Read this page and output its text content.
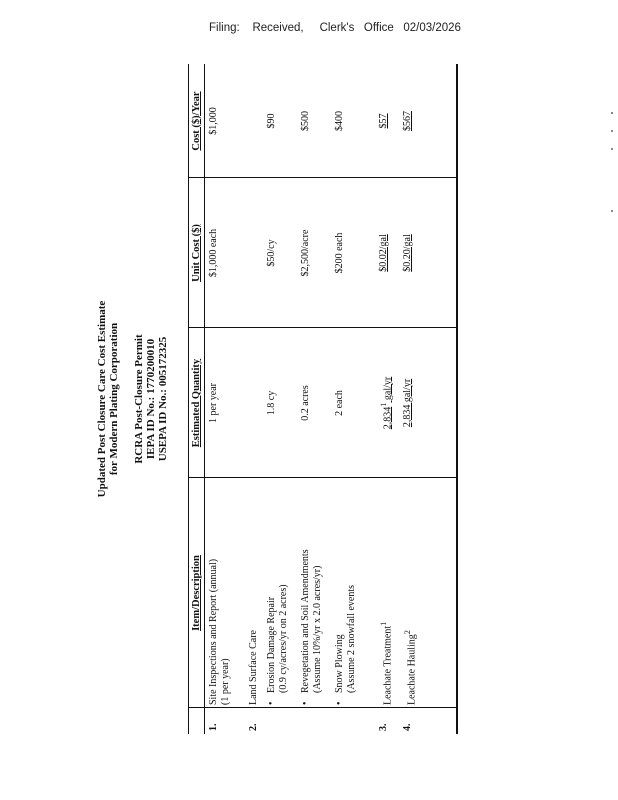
Filing:    Received,     Clerk's   Office   02/03/2026
Updated Post Closure Care Cost Estimate for Modern Plating Corporation RCRA Post-Closure Permit IEPA ID No.: 1770200010 USEPA ID No.: 005172325
	Item/Description	Estimated Quantity	Unit Cost ($)	Cost ($)/Year
1.	Site Inspections and Report (annual)
(1 per year)	1 per year	$1,000 each	$1,000
2.	Land Surface Care			
	•Erosion Damage Repair
(0.9 cy/acres/yr on 2 acres)	1.8 cy	$50/cy	$90
	•Revegetation and Soil Amendments
(Assume 10%/yr x 2.0 acres/yr)	0.2 acres	$2,500/acre	$500
	•Snow Plowing
(Assume 2 snowfall events	2 each	$200 each	$400
3.	Leachate Treatment$^1$	2,834$^1$ gal/yr	$0.02/gal	$57
4.	Leachate Hauling$^2$	2,834 gal/yr	$0.20/gal	$567
